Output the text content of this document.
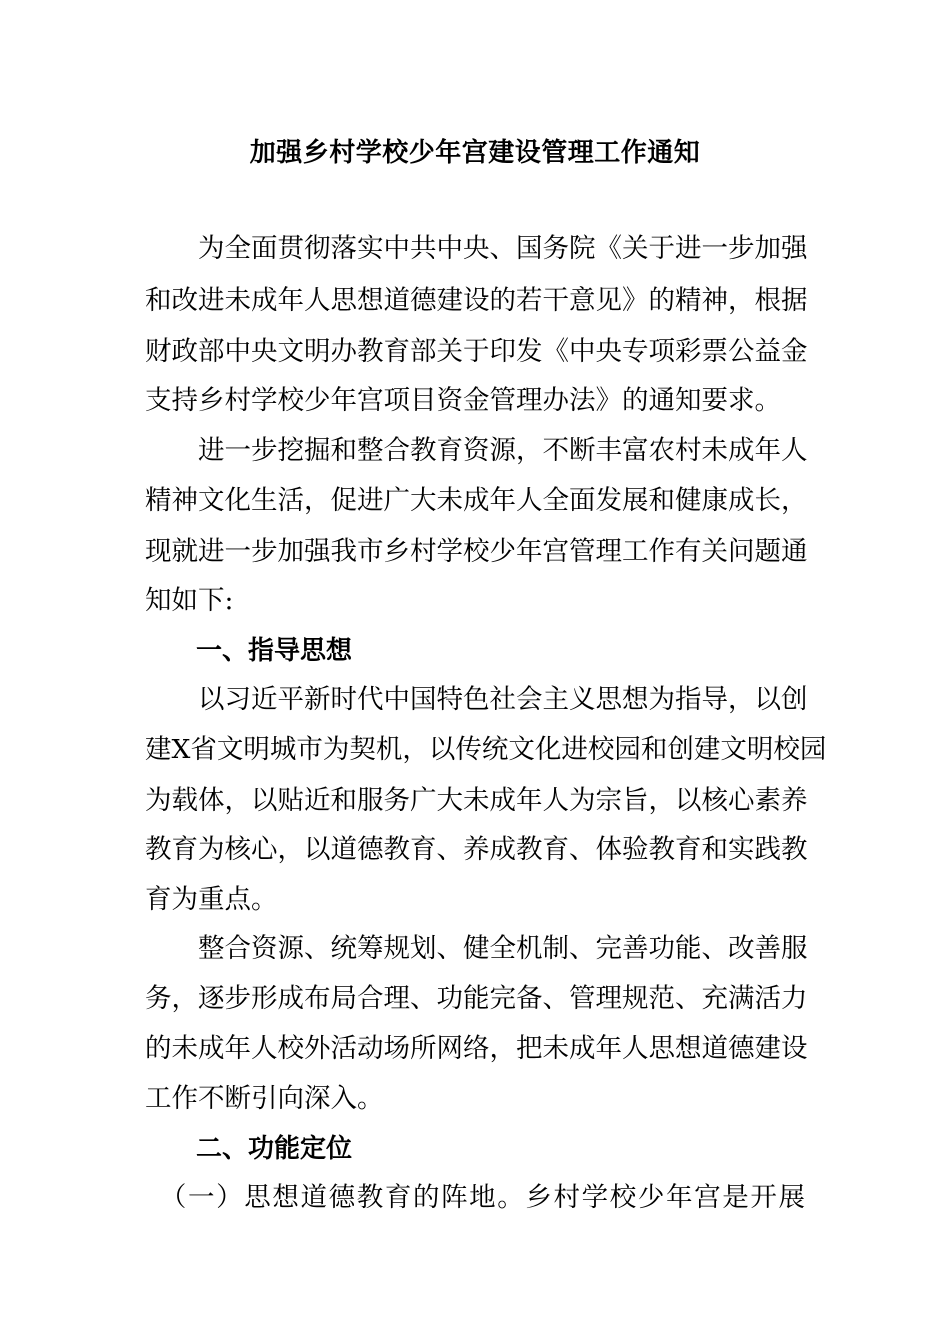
加强乡村学校少年宫建设管理工作通知

　　为全面贯彻落实中共中央、国务院《关于进一步加强

和改进未成年人思想道德建设的若干意见》的精神，根据

财政部中央文明办教育部关于印发《中央专项彩票公益金

支持乡村学校少年宫项目资金管理办法》的通知要求。

　　进一步挖掘和整合教育资源，不断丰富农村未成年人

精神文化生活，促进广大未成年人全面发展和健康成长，

现就进一步加强我市乡村学校少年宫管理工作有关问题通

知如下:

一、指导思想

　　以习近平新时代中国特色社会主义思想为指导，以创

建X省文明城市为契机，以传统文化进校园和创建文明校园

为载体，以贴近和服务广大未成年人为宗旨，以核心素养

教育为核心，以道德教育、养成教育、体验教育和实践教

育为重点。

　　整合资源、统筹规划、健全机制、完善功能、改善服

务，逐步形成布局合理、功能完备、管理规范、充满活力

的未成年人校外活动场所网络，把未成年人思想道德建设

工作不断引向深入。

二、功能定位

　（一）思想道德教育的阵地。乡村学校少年宫是开展
